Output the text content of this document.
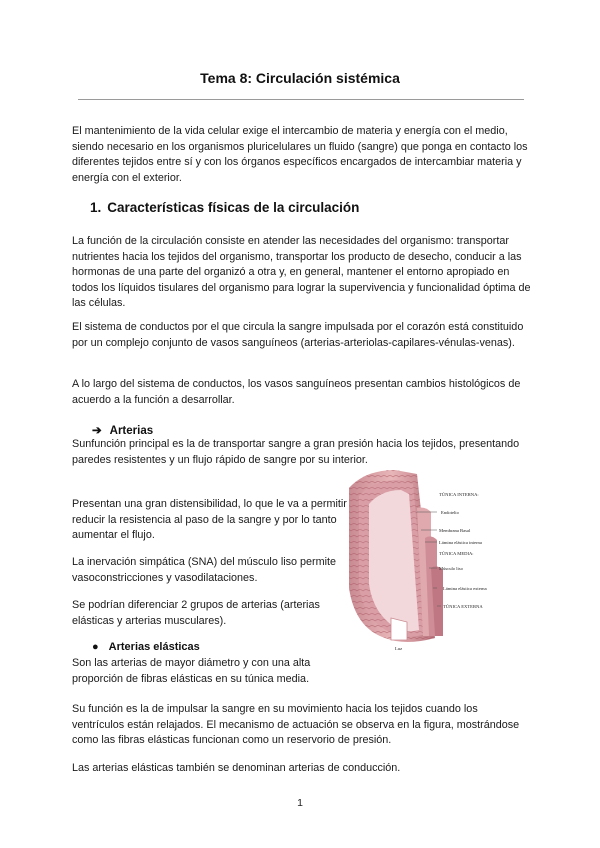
Tema 8: Circulación sistémica

El mantenimiento de la vida celular exige el intercambio de materia y energía con el medio, siendo necesario en los organismos pluricelulares un fluido (sangre) que ponga en contacto los diferentes tejidos entre sí y con los órganos específicos encargados de intercambiar materia y energía con el exterior.

1. Características físicas de la circulación

La función de la circulación consiste en atender las necesidades del organismo: transportar nutrientes hacia los tejidos del organismo, transportar los producto de desecho, conducir a las hormonas de una parte del organizó a otra y, en general, mantener el entorno apropiado en todos los líquidos tisulares del organismo para lograr la supervivencia y funcionalidad óptima de las células.

El sistema de conductos por el que circula la sangre impulsada por el corazón está constituido por un complejo conjunto de vasos sanguíneos (arterias-arteriolas-capilares-vénulas-venas).

A lo largo del sistema de conductos, los vasos sanguíneos presentan cambios histológicos de acuerdo a la función a desarrollar.

➔ Arterias

Sunfunción principal es la de transportar sangre a gran presión hacia los tejidos, presentando paredes resistentes y un flujo rápido de sangre por su interior.

Presentan una gran distensibilidad, lo que le va a permitir reducir la resistencia al paso de la sangre y por lo tanto aumentar el flujo.

La inervación simpática (SNA) del músculo liso permite vasoconstricciones y vasodilataciones.

Se podrían diferenciar 2 grupos de arterias (arterias elásticas y arterias musculares).

TÚNICA INTERNA:
Endotelio
Membrana Basal
Lámina elástica interna
TÚNICA MEDIA:
Músculo liso
Lámina elástica externa
TÚNICA EXTERNA
Luz
● Arterias elásticas

Son las arterias de mayor diámetro y con una alta proporción de fibras elásticas en su túnica media.

Su función es la de impulsar la sangre en su movimiento hacia los tejidos cuando los ventrículos están relajados. El mecanismo de actuación se observa en la figura, mostrándose como las fibras elásticas funcionan como un reservorio de presión.

Las arterias elásticas también se denominan arterias de conducción.

1
